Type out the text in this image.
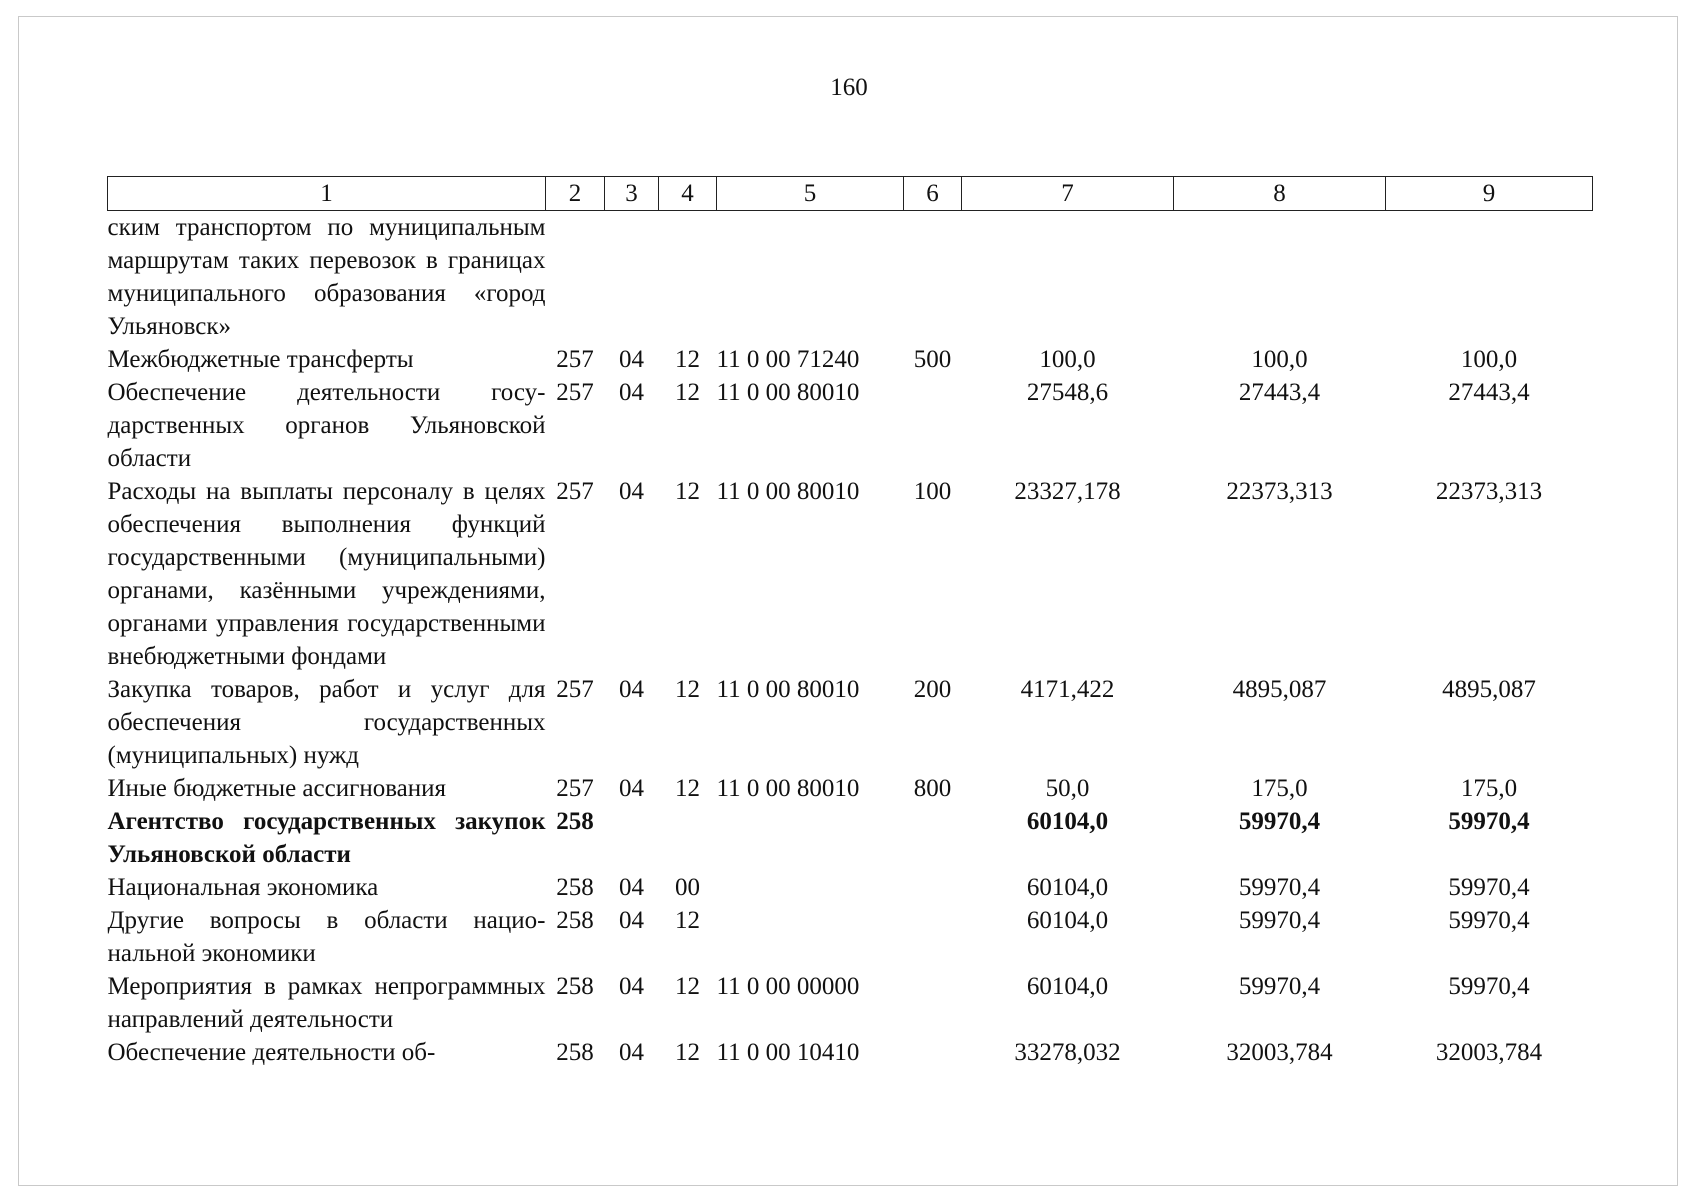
160
1	2	3	4	5	6	7	8	9
ским транспортом по муниципальным маршрутам таких перевозок в границах муниципального образования «город Ульяновск»								
Межбюджетные трансферты	257	04	12	11 0 00 71240	500	100,0	100,0	100,0
Обеспечение деятельности государственных органов Ульяновской области	257	04	12	11 0 00 80010		27548,6	27443,4	27443,4
Расходы на выплаты персоналу в целях обеспечения выполнения функций государственными (муниципальными) органами, казёнными учреждениями, органами управления государственными внебюджетными фондами	257	04	12	11 0 00 80010	100	23327,178	22373,313	22373,313
Закупка товаров, работ и услуг для обеспечения государственных (муниципальных) нужд	257	04	12	11 0 00 80010	200	4171,422	4895,087	4895,087
Иные бюджетные ассигнования	257	04	12	11 0 00 80010	800	50,0	175,0	175,0
Агентство государственных закупок Ульяновской области	258					60104,0	59970,4	59970,4
Национальная экономика	258	04	00			60104,0	59970,4	59970,4
Другие вопросы в области национальной экономики	258	04	12			60104,0	59970,4	59970,4
Мероприятия в рамках непрограммных направлений деятельности	258	04	12	11 0 00 00000		60104,0	59970,4	59970,4
Обеспечение деятельности об-	258	04	12	11 0 00 10410		33278,032	32003,784	32003,784
